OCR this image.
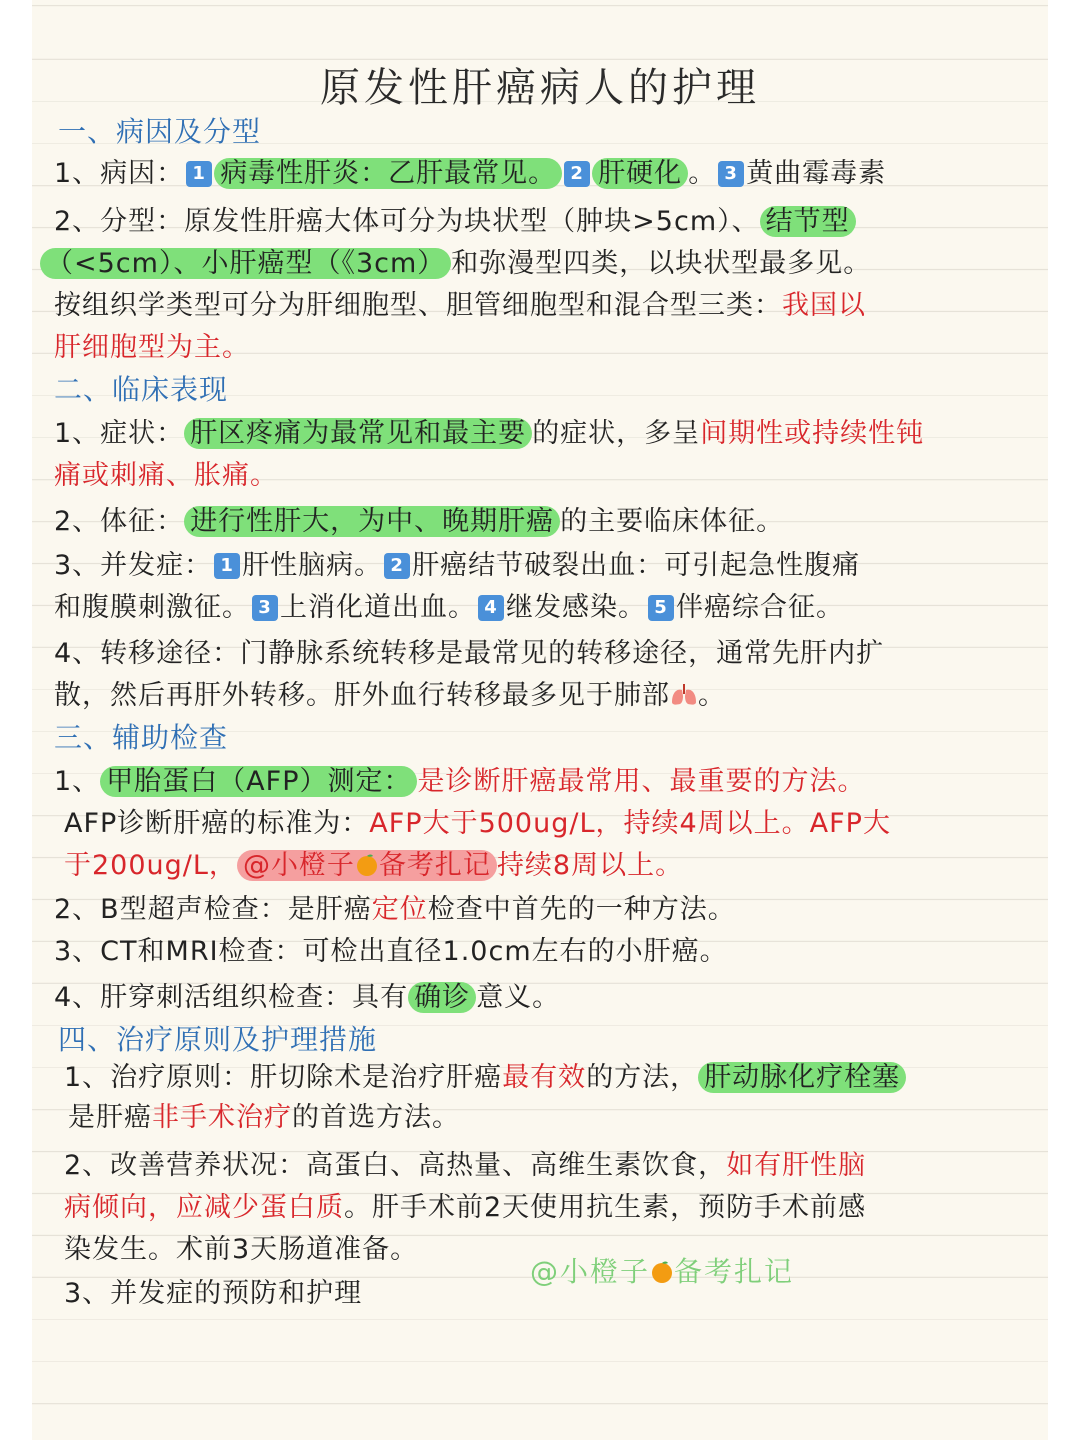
原发性肝癌病人的护理
一、病因及分型
1、病因： 1 病毒性肝炎：乙肝最常见。 2 肝硬化 。 3 黄曲霉毒素
2、分型：原发性肝癌大体可分为块状型（肿块>5cm）、 结节型
（<5cm）、小肝癌型（《3cm） 和弥漫型四类，以块状型最多见。
按组织学类型可分为肝细胞型、胆管细胞型和混合型三类：我国以
肝细胞型为主。
二、临床表现
1、症状： 肝区疼痛为最常见和最主要 的症状，多呈间期性或持续性钝
痛或刺痛、胀痛。
2、体征： 进行性肝大，为中、晚期肝癌 的主要临床体征。
3、并发症： 1 肝性脑病。 2 肝癌结节破裂出血：可引起急性腹痛
和腹膜刺激征。 3 上消化道出血。 4 继发感染。 5 伴癌综合征。
4、转移途径：门静脉系统转移是最常见的转移途径，通常先肝内扩
散，然后再肝外转移。肝外血行转移最多见于肺部 。
三、辅助检查
1、 甲胎蛋白（AFP）测定： 是诊断肝癌最常用、最重要的方法。
AFP诊断肝癌的标准为：AFP大于500ug/L，持续4周以上。AFP大
于200ug/L， @小橙子 备考扎记 持续8周以上。
2、B型超声检查：是肝癌定位检查中首先的一种方法。
3、CT和MRI检查：可检出直径1.0cm左右的小肝癌。
4、肝穿刺活组织检查：具有 确诊 意义。
四、治疗原则及护理措施
1、治疗原则：肝切除术是治疗肝癌最有效的方法， 肝动脉化疗栓塞
是肝癌非手术治疗的首选方法。
2、改善营养状况：高蛋白、高热量、高维生素饮食，如有肝性脑
病倾向，应减少蛋白质。肝手术前2天使用抗生素，预防手术前感
染发生。术前3天肠道准备。
3、并发症的预防和护理
@小橙子 备考扎记
